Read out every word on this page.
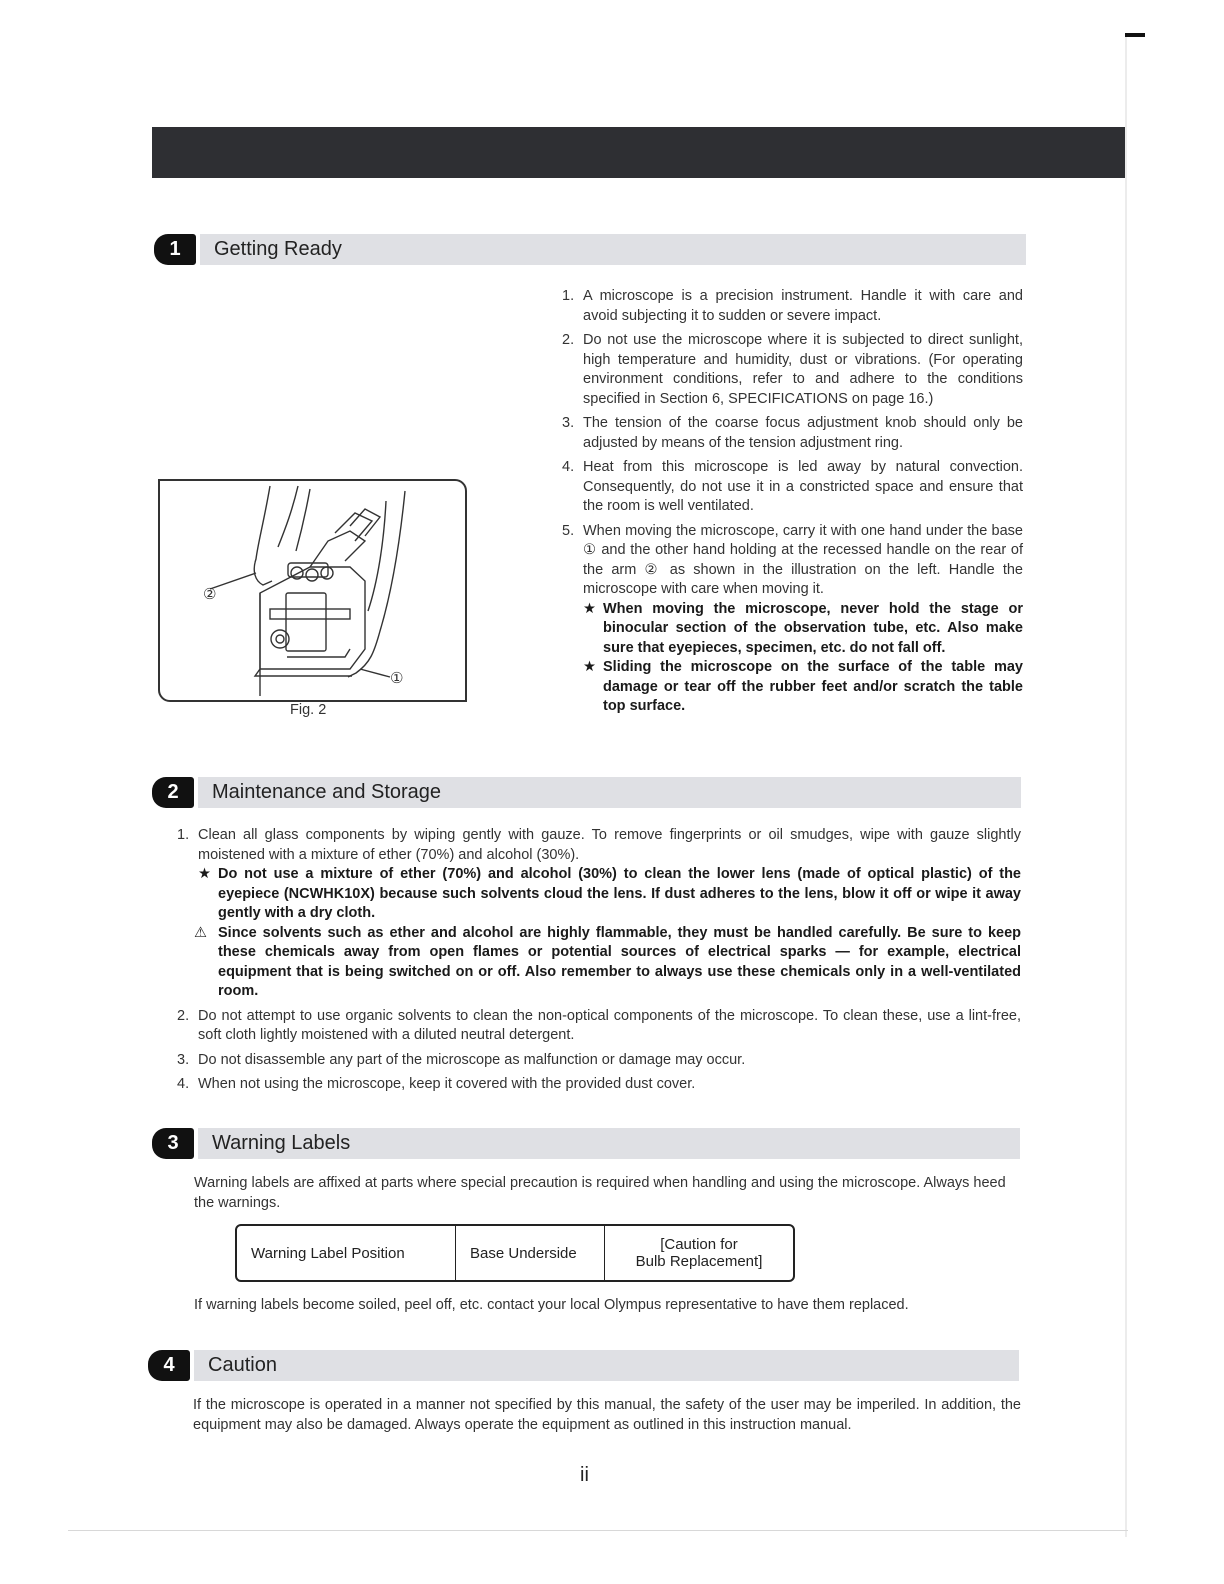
1	Getting Ready
1. A microscope is a precision instrument. Handle it with care and avoid subjecting it to sudden or severe impact.
2. Do not use the microscope where it is subjected to direct sunlight, high temperature and humidity, dust or vibrations. (For operating environment conditions, refer to and adhere to the conditions specified in Section 6, SPECIFICATIONS on page 16.)
3. The tension of the coarse focus adjustment knob should only be adjusted by means of the tension adjustment ring.
4. Heat from this microscope is led away by natural convection. Consequently, do not use it in a constricted space and ensure that the room is well ventilated.
5. When moving the microscope, carry it with one hand under the base ① and the other hand holding at the recessed handle on the rear of the arm ② as shown in the illustration on the left. Handle the microscope with care when moving it.
★ When moving the microscope, never hold the stage or binocular section of the observation tube, etc. Also make sure that eyepieces, specimen, etc. do not fall off.
★ Sliding the microscope on the surface of the table may damage or tear off the rubber feet and/or scratch the table top surface.
②
①
Fig. 2
2	Maintenance and Storage
1. Clean all glass components by wiping gently with gauze. To remove fingerprints or oil smudges, wipe with gauze slightly moistened with a mixture of ether (70%) and alcohol (30%).
★ Do not use a mixture of ether (70%) and alcohol (30%) to clean the lower lens (made of optical plastic) of the eyepiece (NCWHK10X) because such solvents cloud the lens. If dust adheres to the lens, blow it off or wipe it away gently with a dry cloth.
⚠ Since solvents such as ether and alcohol are highly flammable, they must be handled carefully. Be sure to keep these chemicals away from open flames or potential sources of electrical sparks — for example, electrical equipment that is being switched on or off. Also remember to always use these chemicals only in a well-ventilated room.
2. Do not attempt to use organic solvents to clean the non-optical components of the microscope. To clean these, use a lint-free, soft cloth lightly moistened with a diluted neutral detergent.
3. Do not disassemble any part of the microscope as malfunction or damage may occur.
4. When not using the microscope, keep it covered with the provided dust cover.
3	Warning Labels
Warning labels are affixed at parts where special precaution is required when handling and using the microscope. Always heed the warnings.
Warning Label Position	Base Underside	[Caution for
Bulb Replacement]
If warning labels become soiled, peel off, etc. contact your local Olympus representative to have them replaced.
4	Caution
If the microscope is operated in a manner not specified by this manual, the safety of the user may be imperiled. In addition, the equipment may also be damaged. Always operate the equipment as outlined in this instruction manual.
ii
